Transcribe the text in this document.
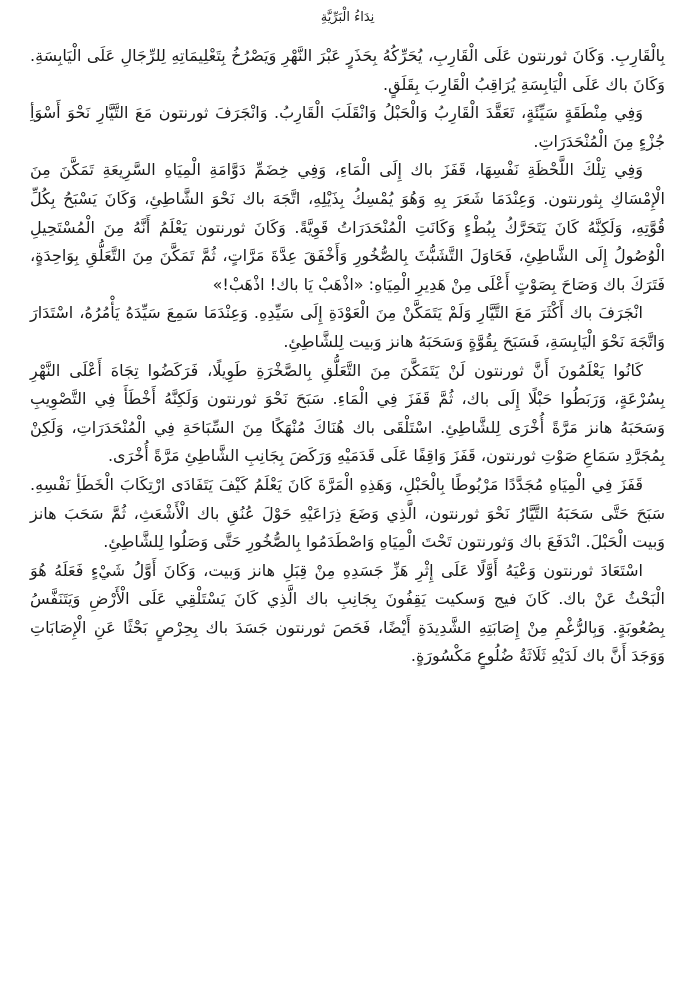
نِدَاءُ الْبَرِّيَّةِ

بِالْقَارِبِ. وَكَانَ ثورنتون عَلَى الْقَارِبِ، يُحَرِّكُهُ بِحَذَرٍ عَبْرَ النَّهْرِ وَيَصْرُخُ بِتَعْلِيمَاتِهِ لِلرِّجَالِ عَلَى الْيَابِسَةِ. وَكَانَ باك عَلَى الْيَابِسَةِ يُرَاقِبُ الْقَارِبَ بِقَلَقٍ.

وَفِي مِنْطَقَةٍ سَيِّئَةٍ، تَعَقَّدَ الْقَارِبُ وَالْحَبْلُ وَانْقَلَبَ الْقَارِبُ. وَانْجَرَفَ ثورنتون مَعَ التَّيَّارِ نَحْوَ أَسْوَأِ جُزْءٍ مِنَ الْمُنْحَدَرَاتِ.

وَفِي تِلْكَ اللَّحْظَةِ نَفْسِهَا، قَفَزَ باك إِلَى الْمَاءِ، وَفِي خِضَمِّ دَوَّامَةِ الْمِيَاهِ السَّرِيعَةِ تَمَكَّنَ مِنَ الْإِمْسَاكِ بِثورنتون. وَعِنْدَمَا شَعَرَ بِهِ وَهُوَ يُمْسِكُ بِذَيْلِهِ، اتَّجَهَ باك نَحْوَ الشَّاطِئِ، وَكَانَ يَسْبَحُ بِكُلِّ قُوَّتِهِ، وَلَكِنَّهُ كَانَ يَتَحَرَّكُ بِبُطْءٍ وَكَانَتِ الْمُنْحَدَرَاتُ قَوِيَّةً. وَكَانَ ثورنتون يَعْلَمُ أَنَّهُ مِنَ الْمُسْتَحِيلِ الْوُصُولُ إِلَى الشَّاطِئِ، فَحَاوَلَ التَّشَبُّثَ بِالصُّخُورِ وَأَخْفَقَ عِدَّةَ مَرَّاتٍ، ثُمَّ تَمَكَّنَ مِنَ التَّعَلُّقِ بِوَاحِدَةٍ، فَتَرَكَ باك وَصَاحَ بِصَوْتٍ أَعْلَى مِنْ هَدِيرِ الْمِيَاهِ: «اذْهَبْ يَا باك! اذْهَبْ!»

انْجَرَفَ باك أَكْثَرَ مَعَ التَّيَّارِ وَلَمْ يَتَمَكَّنْ مِنَ الْعَوْدَةِ إِلَى سَيِّدِهِ. وَعِنْدَمَا سَمِعَ سَيِّدَهُ يَأْمُرُهُ، اسْتَدَارَ وَاتَّجَهَ نَحْوَ الْيَابِسَةِ، فَسَبَحَ بِقُوَّةٍ وَسَحَبَهُ هانز وَبيت لِلشَّاطِئِ.

كَانُوا يَعْلَمُونَ أَنَّ ثورنتون لَنْ يَتَمَكَّنَ مِنَ التَّعَلُّقِ بِالصَّخْرَةِ طَوِيلًا، فَرَكَضُوا تِجَاهَ أَعْلَى النَّهْرِ بِسُرْعَةٍ، وَرَبَطُوا حَبْلًا إِلَى باك، ثُمَّ قَفَزَ فِي الْمَاءِ. سَبَحَ نَحْوَ ثورنتون وَلَكِنَّهُ أَخْطَأَ فِي التَّصْوِيبِ وَسَحَبَهُ هانز مَرَّةً أُخْرَى لِلشَّاطِئِ. اسْتَلْقَى باك هُنَاكَ مُنْهَكًا مِنَ السِّبَاحَةِ فِي الْمُنْحَدَرَاتِ، وَلَكِنْ بِمُجَرَّدِ سَمَاعِ صَوْتِ ثورنتون، قَفَزَ وَاقِفًا عَلَى قَدَمَيْهِ وَرَكَضَ بِجَانِبِ الشَّاطِئِ مَرَّةً أُخْرَى.

قَفَزَ فِي الْمِيَاهِ مُجَدَّدًا مَرْبُوطًا بِالْحَبْلِ، وَهَذِهِ الْمَرَّةَ كَانَ يَعْلَمُ كَيْفَ يَتَفَادَى ارْتِكَابَ الْخَطَأِ نَفْسِهِ. سَبَحَ حَتَّى سَحَبَهُ التَّيَّارُ نَحْوَ ثورنتون، الَّذِي وَضَعَ ذِرَاعَيْهِ حَوْلَ عُنُقِ باك الْأَشْعَثِ، ثُمَّ سَحَبَ هانز وَبيت الْحَبْلَ. انْدَفَعَ باك وَثورنتون تَحْتَ الْمِيَاهِ وَاصْطَدَمُوا بِالصُّخُورِ حَتَّى وَصَلُوا لِلشَّاطِئِ.

اسْتَعَادَ ثورنتون وَعْيَهُ أَوَّلًا عَلَى إِثْرِ هَزِّ جَسَدِهِ مِنْ قِبَلِ هانز وَبيت، وَكَانَ أَوَّلُ شَيْءٍ فَعَلَهُ هُوَ الْبَحْثُ عَنْ باك. كَانَ فيج وَسكيت يَقِفُونَ بِجَانِبِ باك الَّذِي كَانَ يَسْتَلْقِي عَلَى الْأَرْضِ وَيَتَنَفَّسُ بِصُعُوبَةٍ. وَبِالرُّغْمِ مِنْ إِصَابَتِهِ الشَّدِيدَةِ أَيْضًا، فَحَصَ ثورنتون جَسَدَ باك بِحِرْصٍ بَحْثًا عَنِ الْإِصَابَاتِ وَوَجَدَ أَنَّ باك لَدَيْهِ ثَلَاثَةُ ضُلُوعٍ مَكْسُورَةٍ.
